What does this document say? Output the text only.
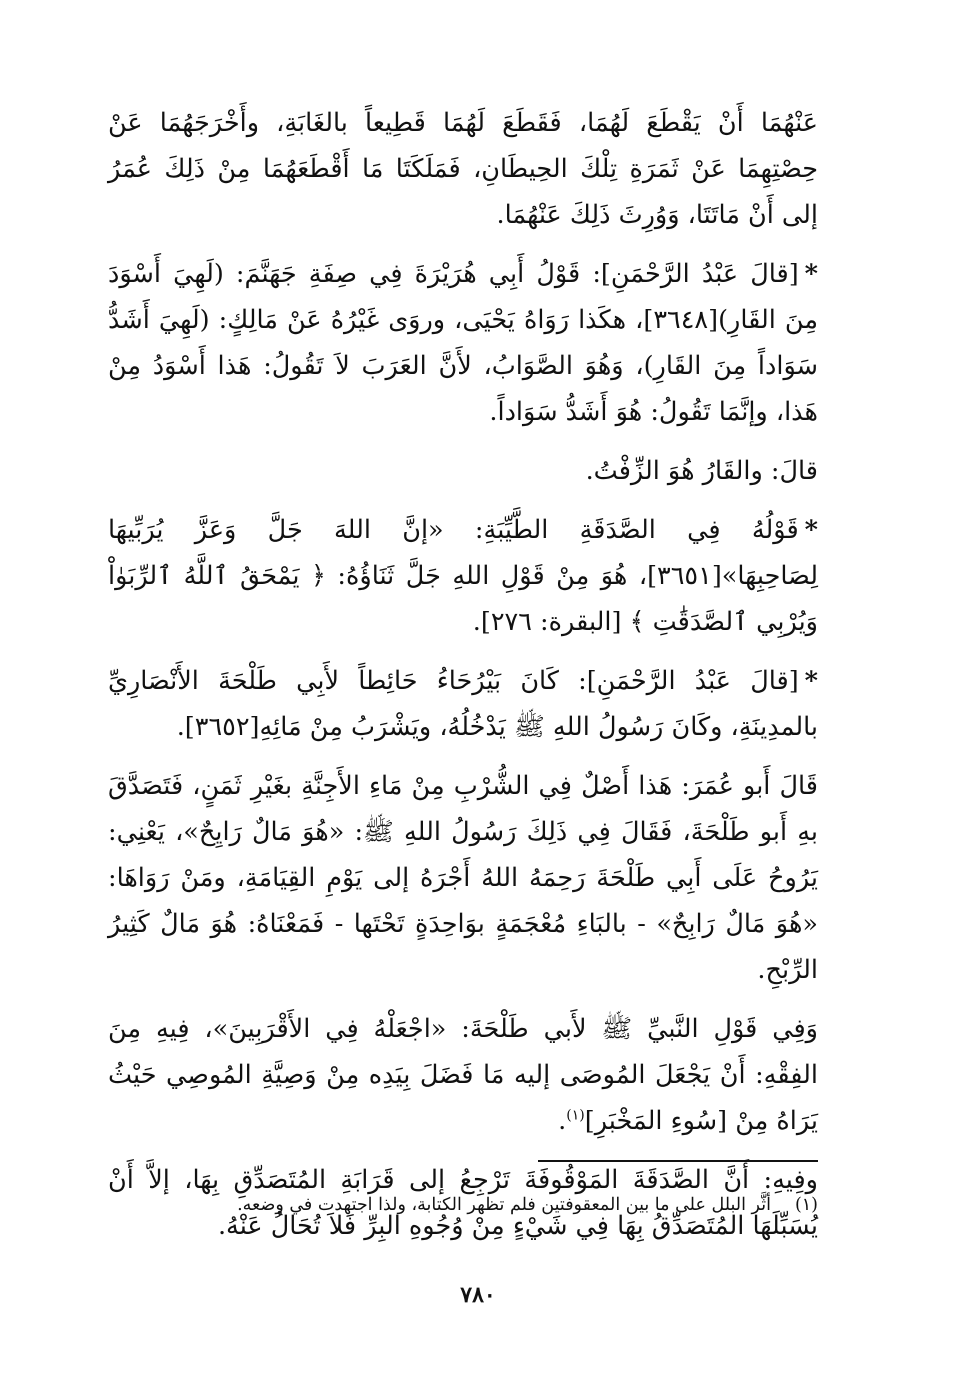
عَنْهُمَا أَنْ يَقْطَعَ لَهُمَا، فَقَطَعَ لَهُمَا قَطِيعاً بالغَابَةِ، وأَخْرَجَهُمَا عَنْ حِصْتِهِمَا عَنْ ثَمَرَةِ تِلْكَ الحِيطَانِ، فَمَلَكَتَا مَا أَقْطَعَهُمَا مِنْ ذَلِكَ عُمَرُ إلى أَنْ مَاتَتَا، وَوُرِثَ ذَلِكَ عَنْهُمَا.

*[قالَ عَبْدُ الرَّحْمَنِ]: قَوْلُ أَبِي هُرَيْرَةَ فِي صِفَةِ جَهَنَّمَ: (لَهِيَ أَسْوَدَ مِنَ القَارِ)[٣٦٤٨]، هكَذا رَوَاهُ يَحْيَى، وروَى غَيْرُهُ عَنْ مَالِكٍ: (لَهِيَ أَشَدُّ سَوَاداً مِنَ القَارِ)، وَهُوَ الصَّوَابُ، لأَنَّ العَرَبَ لاَ تَقُولُ: هَذا أَسْوَدُ مِنْ هَذا، وإنَّمَا تَقُولُ: هُوَ أَشَدُّ سَوَاداً.

قالَ: والقَارُ هُوَ الزِّفْتُ.

*قَوْلُهُ فِي الصَّدَقَةِ الطَّيِّبَةِ: «إنَّ اللهَ جَلَّ وَعَزَّ يُرَبِّيهَا لِصَاحِبِهَا»[٣٦٥١]، هُوَ مِنْ قَوْلِ اللهِ جَلَّ ثَنَاؤُهُ: ﴿ يَمْحَقُ ٱللَّهُ ٱلرِّبَوٰاْ وَيُرْبِي ٱلصَّدَقَٰتِ ﴾ [البقرة: ٢٧٦].

*[قالَ عَبْدُ الرَّحْمَنِ]: كَانَ بَيْرُحَاءُ حَائِطاً لأَبِي طَلْحَةَ الأَنْصَارِيِّ بالمدِينَةِ، وكَانَ رَسُولُ اللهِ ﷺ يَدْخُلُهُ، ويَشْرَبُ مِنْ مَائِهِ[٣٦٥٢].

قَالَ أَبو عُمَرَ: هَذا أَصْلٌ فِي الشُّرْبِ مِنْ مَاءِ الأَجِنَّةِ بغَيْرِ ثَمَنٍ، فَتَصَدَّقَ بهِ أَبو طَلْحَةَ، فَقَالَ فِي ذَلِكَ رَسُولُ اللهِ ﷺ: «هُوَ مَالٌ رَايِحٌ»، يَعْنِي: يَرُوحُ عَلَى أَبِي طَلْحَةَ رَحِمَهُ اللهُ أَجْرَهُ إلى يَوْمِ القِيَامَةِ، ومَنْ رَوَاهَا: «هُوَ مَالٌ رَابِحٌ» - بالبَاءِ مُعْجَمَةٍ بوَاحِدَةٍ تَحْتَها - فَمَعْنَاهُ: هُوَ مَالٌ كَثِيرُ الرِّبْحِ.

وَفِي قَوْلِ النَّبيِّ ﷺ لأَبي طَلْحَةَ: «اجْعَلْهُ فِي الأَقْرَبِينَ»، فِيهِ مِنَ الفِقْهِ: أَنْ يَجْعَلَ المُوصَى إليه مَا فَضَلَ بِيَدِه مِنْ وَصِيَّةِ المُوصِي حَيْثُ يَرَاهُ مِنْ [سُوءِ المَخْبَرِ]$^{(١)}$.

وفِيهِ: أَنَّ الصَّدَقَةَ المَوْقُوفَةَ تَرْجِعُ إلى قَرَابَةِ المُتَصَدِّقِ بِهَا، إلاَّ أَنْ يُسَبِّلَهَا المُتَصَدِّقُ بِهَا فِي شَيْءٍ مِنْ وُجُوهِ البِرِّ فَلاَ تُحَالُ عَنْهُ.

(١)أثَّر البلل على ما بين المعقوفتين فلم تظهر الكتابة، ولذا اجتهدت في وضعه.
٧٨٠
